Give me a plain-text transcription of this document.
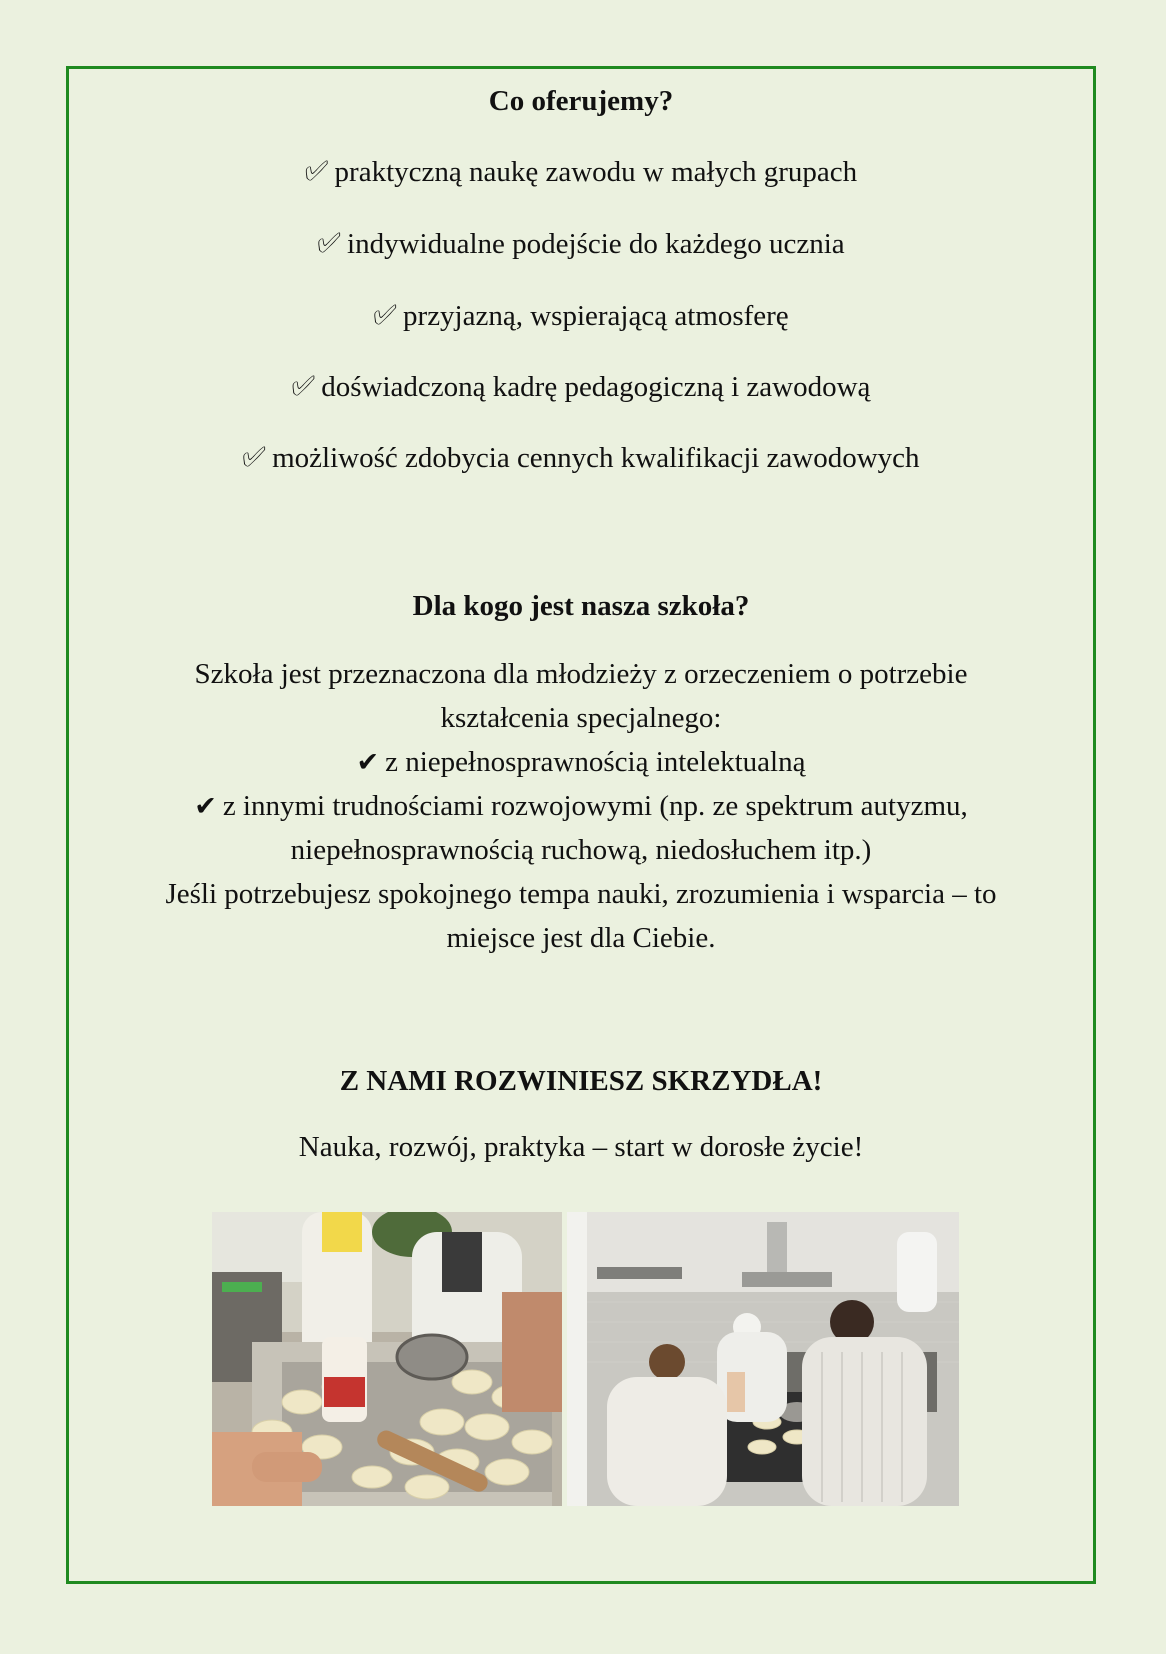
Co oferujemy?
✅︎ praktyczną naukę zawodu w małych grupach
✅︎ indywidualne podejście do każdego ucznia
✅︎ przyjazną, wspierającą atmosferę
✅︎ doświadczoną kadrę pedagogiczną i zawodową
✅︎ możliwość zdobycia cennych kwalifikacji zawodowych
Dla kogo jest nasza szkoła?
Szkoła jest przeznaczona dla młodzieży z orzeczeniem o potrzebie
kształcenia specjalnego:
✔ z niepełnosprawnością intelektualną
✔ z innymi trudnościami rozwojowymi (np. ze spektrum autyzmu,
niepełnosprawnością ruchową, niedosłuchem itp.)
Jeśli potrzebujesz spokojnego tempa nauki, zrozumienia i wsparcia – to
miejsce jest dla Ciebie.
Z NAMI ROZWINIESZ SKRZYDŁA!
Nauka, rozwój, praktyka – start w dorosłe życie!
